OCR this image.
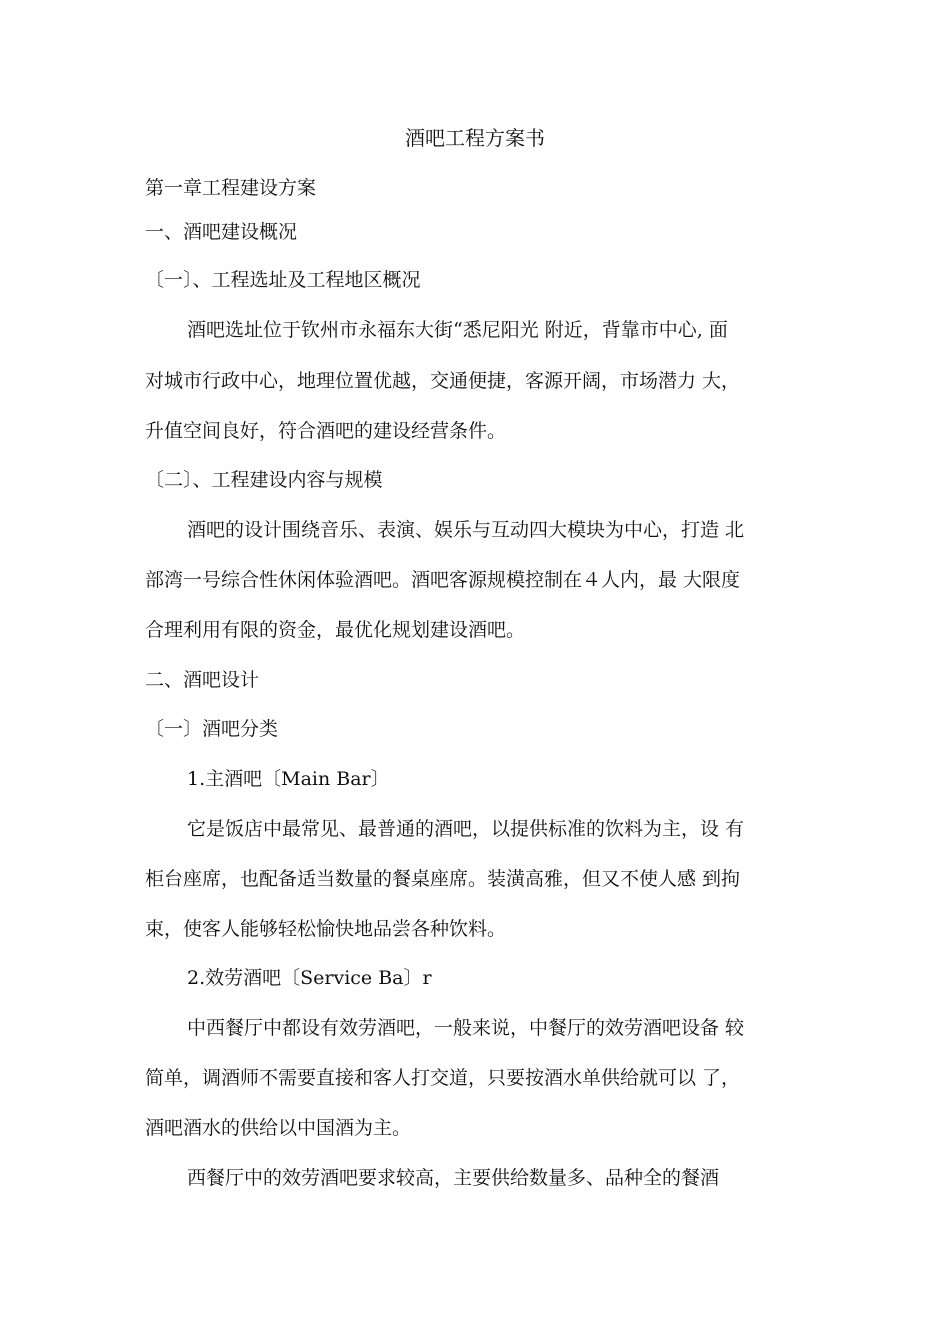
酒吧工程方案书
第一章工程建设方案
一、酒吧建设概况
〔一〕、工程选址及工程地区概况
酒吧选址位于钦州市永福东大街“悉尼阳光 附近，背靠市中心, 面
对城市行政中心，地理位置优越，交通便捷，客源开阔，市场潜力 大，
升值空间良好，符合酒吧的建设经营条件。
〔二〕、工程建设内容与规模
酒吧的设计围绕音乐、表演、娱乐与互动四大模块为中心，打造 北
部湾一号综合性休闲体验酒吧。酒吧客源规模控制在４人内，最 大限度
合理利用有限的资金，最优化规划建设酒吧。
二、酒吧设计
〔一〕酒吧分类
1.主酒吧〔Main Bar〕
它是饭店中最常见、最普通的酒吧，以提供标准的饮料为主，设 有
柜台座席，也配备适当数量的餐桌座席。装潢高雅，但又不使人感 到拘
束，使客人能够轻松愉快地品尝各种饮料。
2.效劳酒吧〔Service Ba〕r
中西餐厅中都设有效劳酒吧，一般来说，中餐厅的效劳酒吧设备 较
简单，调酒师不需要直接和客人打交道，只要按酒水单供给就可以 了，
酒吧酒水的供给以中国酒为主。
西餐厅中的效劳酒吧要求较高，主要供给数量多、品种全的餐酒
